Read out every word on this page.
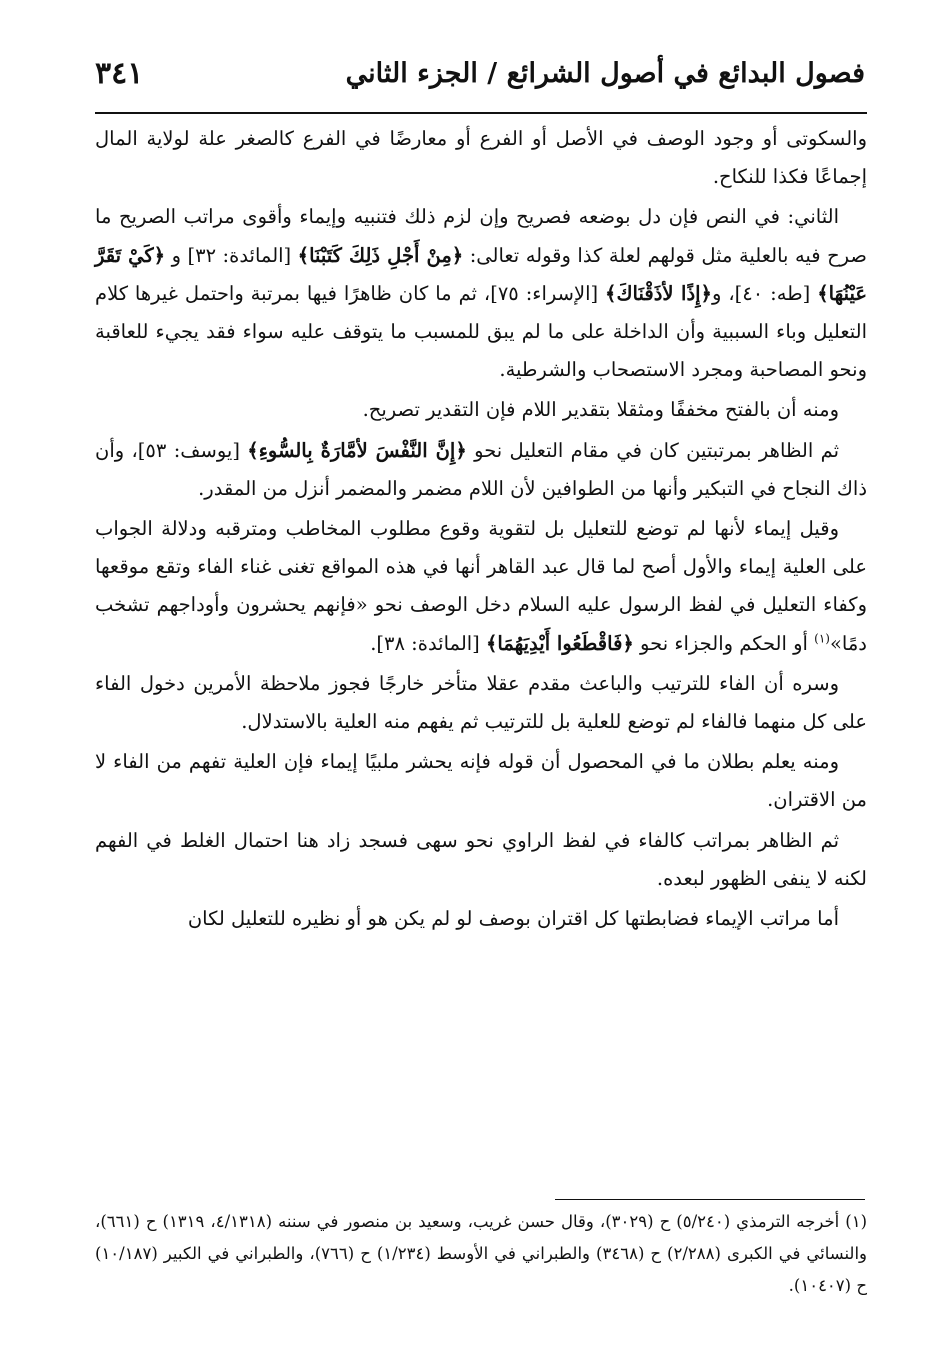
٣٤١	فصول البدائع في أصول الشرائع / الجزء الثاني

والسكوتى أو وجود الوصف في الأصل أو الفرع أو معارضًا في الفرع كالصغر علة لولاية المال إجماعًا فكذا للنكاح.

الثاني: في النص فإن دل بوضعه فصريح وإن لزم ذلك فتنبيه وإيماء وأقوى مراتب الصريح ما صرح فيه بالعلية مثل قولهم لعلة كذا وقوله تعالى: ﴿مِنْ أَجْلِ ذَلِكَ كَتَبْنَا﴾ [المائدة: ٣٢] و ﴿كَيْ تَقَرَّ عَيْنُهَا﴾ [طه: ٤٠]، و﴿إِذًا لأذَقْنَاكَ﴾ [الإسراء: ٧٥]، ثم ما كان ظاهرًا فيها بمرتبة واحتمل غيرها كلام التعليل وباء السببية وأن الداخلة على ما لم يبق للمسبب ما يتوقف عليه سواء فقد يجيء للعاقبة ونحو المصاحبة ومجرد الاستصحاب والشرطية.

ومنه أن بالفتح مخففًا ومثقلا بتقدير اللام فإن التقدير تصريح.

ثم الظاهر بمرتبتين كان في مقام التعليل نحو ﴿إِنَّ النَّفْسَ لأمَّارَةٌ بِالسُّوءِ﴾ [يوسف: ٥٣]، وأن ذاك النجاح في التبكير وأنها من الطوافين لأن اللام مضمر والمضمر أنزل من المقدر.

وقيل إيماء لأنها لم توضع للتعليل بل لتقوية وقوع مطلوب المخاطب ومترقبه ودلالة الجواب على العلية إيماء والأول أصح لما قال عبد القاهر أنها في هذه المواقع تغنى غناء الفاء وتقع موقعها وكفاء التعليل في لفظ الرسول عليه السلام دخل الوصف نحو «فإنهم يحشرون وأوداجهم تشخب دمًا»$^{(١)}$ أو الحكم والجزاء نحو ﴿فَاقْطَعُوا أَيْدِيَهُمَا﴾ [المائدة: ٣٨].

وسره أن الفاء للترتيب والباعث مقدم عقلا متأخر خارجًا فجوز ملاحظة الأمرين دخول الفاء على كل منهما فالفاء لم توضع للعلية بل للترتيب ثم يفهم منه العلية بالاستدلال.

ومنه يعلم بطلان ما في المحصول أن قوله فإنه يحشر ملبيًا إيماء فإن العلية تفهم من الفاء لا من الاقتران.

ثم الظاهر بمراتب كالفاء في لفظ الراوي نحو سهى فسجد زاد هنا احتمال الغلط في الفهم لكنه لا ينفى الظهور لبعده.

أما مراتب الإيماء فضابطتها كل اقتران بوصف لو لم يكن هو أو نظيره للتعليل لكان

(١) أخرجه الترمذي (٥/٢٤٠) ح (٣٠٢٩)، وقال حسن غريب، وسعيد بن منصور في سننه (٤/١٣١٨، ١٣١٩) ح (٦٦١)، والنسائي في الكبرى (٢/٢٨٨) ح (٣٤٦٨) والطبراني في الأوسط (١/٢٣٤) ح (٧٦٦)، والطبراني في الكبير (١٠/١٨٧) ح (١٠٤٠٧).
